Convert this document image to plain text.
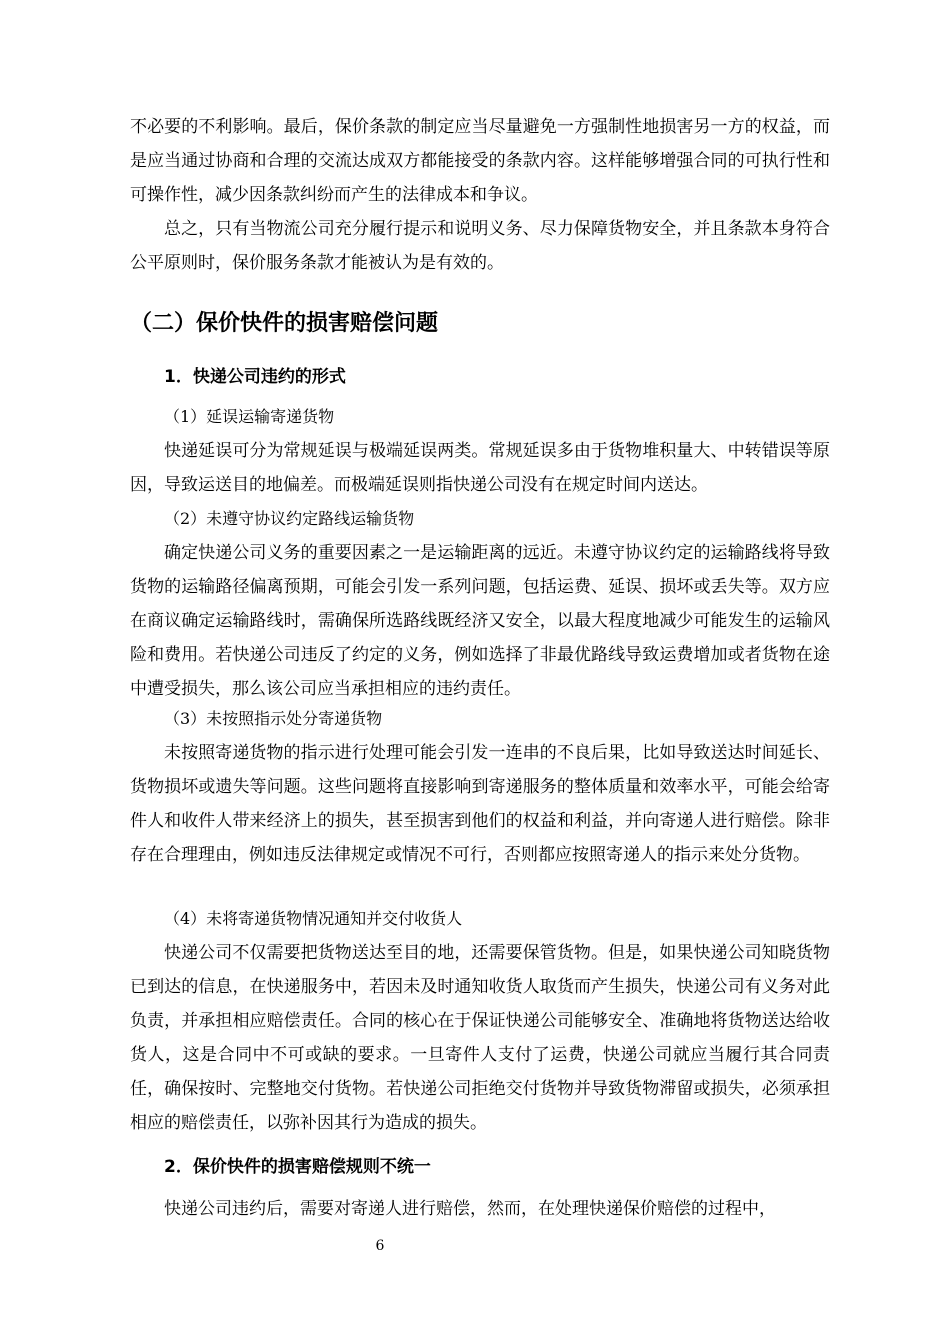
不必要的不利影响。最后，保价条款的制定应当尽量避免一方强制性地损害另一方的权益，而是应当通过协商和合理的交流达成双方都能接受的条款内容。这样能够增强合同的可执行性和可操作性，减少因条款纠纷而产生的法律成本和争议。

总之，只有当物流公司充分履行提示和说明义务、尽力保障货物安全，并且条款本身符合公平原则时，保价服务条款才能被认为是有效的。

（二）保价快件的损害赔偿问题
1．快递公司违约的形式

（1）延误运输寄递货物

快递延误可分为常规延误与极端延误两类。常规延误多由于货物堆积量大、中转错误等原因，导致运送目的地偏差。而极端延误则指快递公司没有在规定时间内送达。

（2）未遵守协议约定路线运输货物

确定快递公司义务的重要因素之一是运输距离的远近。未遵守协议约定的运输路线将导致货物的运输路径偏离预期，可能会引发一系列问题，包括运费、延误、损坏或丢失等。双方应在商议确定运输路线时，需确保所选路线既经济又安全，以最大程度地减少可能发生的运输风险和费用。若快递公司违反了约定的义务，例如选择了非最优路线导致运费增加或者货物在途中遭受损失，那么该公司应当承担相应的违约责任。

（3）未按照指示处分寄递货物

未按照寄递货物的指示进行处理可能会引发一连串的不良后果，比如导致送达时间延长、货物损坏或遗失等问题。这些问题将直接影响到寄递服务的整体质量和效率水平，可能会给寄件人和收件人带来经济上的损失，甚至损害到他们的权益和利益，并向寄递人进行赔偿。除非存在合理理由，例如违反法律规定或情况不可行，否则都应按照寄递人的指示来处分货物。

（4）未将寄递货物情况通知并交付收货人

快递公司不仅需要把货物送达至目的地，还需要保管货物。但是，如果快递公司知晓货物已到达的信息，在快递服务中，若因未及时通知收货人取货而产生损失，快递公司有义务对此负责，并承担相应赔偿责任。合同的核心在于保证快递公司能够安全、准确地将货物送达给收货人，这是合同中不可或缺的要求。一旦寄件人支付了运费，快递公司就应当履行其合同责任，确保按时、完整地交付货物。若快递公司拒绝交付货物并导致货物滞留或损失，必须承担相应的赔偿责任，以弥补因其行为造成的损失。

2．保价快件的损害赔偿规则不统一

快递公司违约后，需要对寄递人进行赔偿，然而，在处理快递保价赔偿的过程中，

6
